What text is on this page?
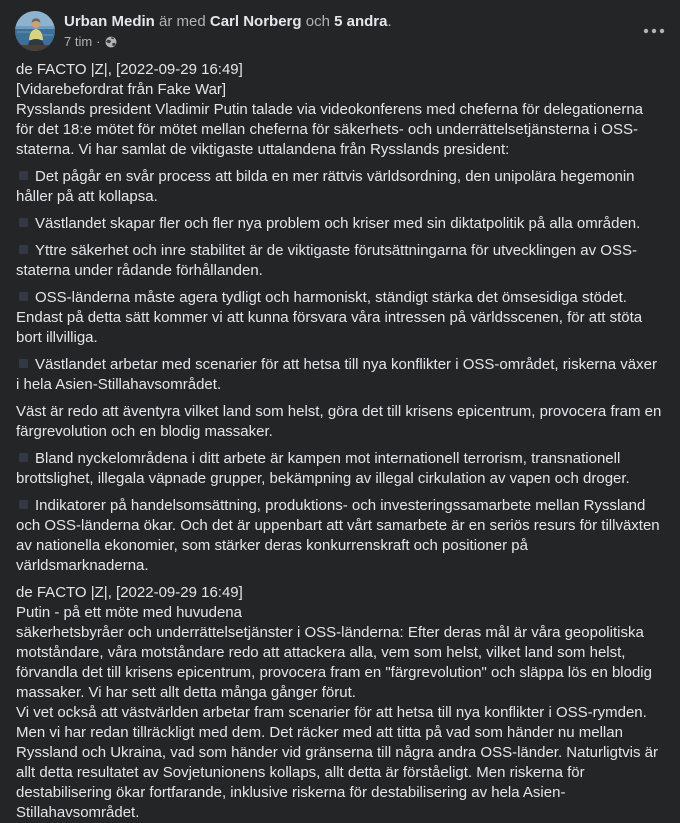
Urban Medin är med Carl Norberg och 5 andra.
7 tim ·

de FACTO |Z|, [2022-09-29 16:49]
[Vidarebefordrat från Fake War]
Rysslands president Vladimir Putin talade via videokonferens med cheferna för delegationerna för det 18:e mötet för mötet mellan cheferna för säkerhets- och underrättelsetjänsterna i OSS-staterna. Vi har samlat de viktigaste uttalandena från Rysslands president:

Det pågår en svår process att bilda en mer rättvis världsordning, den unipolära hegemonin håller på att kollapsa.

Västlandet skapar fler och fler nya problem och kriser med sin diktatpolitik på alla områden.

Yttre säkerhet och inre stabilitet är de viktigaste förutsättningarna för utvecklingen av OSS-staterna under rådande förhållanden.

OSS-länderna måste agera tydligt och harmoniskt, ständigt stärka det ömsesidiga stödet. Endast på detta sätt kommer vi att kunna försvara våra intressen på världsscenen, för att stöta bort illvilliga.

Västlandet arbetar med scenarier för att hetsa till nya konflikter i OSS-området, riskerna växer i hela Asien-Stillahavsområdet.

Väst är redo att äventyra vilket land som helst, göra det till krisens epicentrum, provocera fram en färgrevolution och en blodig massaker.

Bland nyckelområdena i ditt arbete är kampen mot internationell terrorism, transnationell brottslighet, illegala väpnade grupper, bekämpning av illegal cirkulation av vapen och droger.

Indikatorer på handelsomsättning, produktions- och investeringssamarbete mellan Ryssland och OSS-länderna ökar. Och det är uppenbart att vårt samarbete är en seriös resurs för tillväxten av nationella ekonomier, som stärker deras konkurrenskraft och positioner på världsmarknaderna.

de FACTO |Z|, [2022-09-29 16:49]
Putin - på ett möte med huvudena
säkerhetsbyråer och underrättelsetjänster i OSS-länderna: Efter deras mål är våra geopolitiska motståndare, våra motståndare redo att attackera alla, vem som helst, vilket land som helst, förvandla det till krisens epicentrum, provocera fram en "färgrevolution" och släppa lös en blodig massaker. Vi har sett allt detta många gånger förut.
Vi vet också att västvärlden arbetar fram scenarier för att hetsa till nya konflikter i OSS-rymden. Men vi har redan tillräckligt med dem. Det räcker med att titta på vad som händer nu mellan Ryssland och Ukraina, vad som händer vid gränserna till några andra OSS-länder. Naturligtvis är allt detta resultatet av Sovjetunionens kollaps, allt detta är förståeligt. Men riskerna för destabilisering ökar fortfarande, inklusive riskerna för destabilisering av hela Asien-Stillahavsområdet.
